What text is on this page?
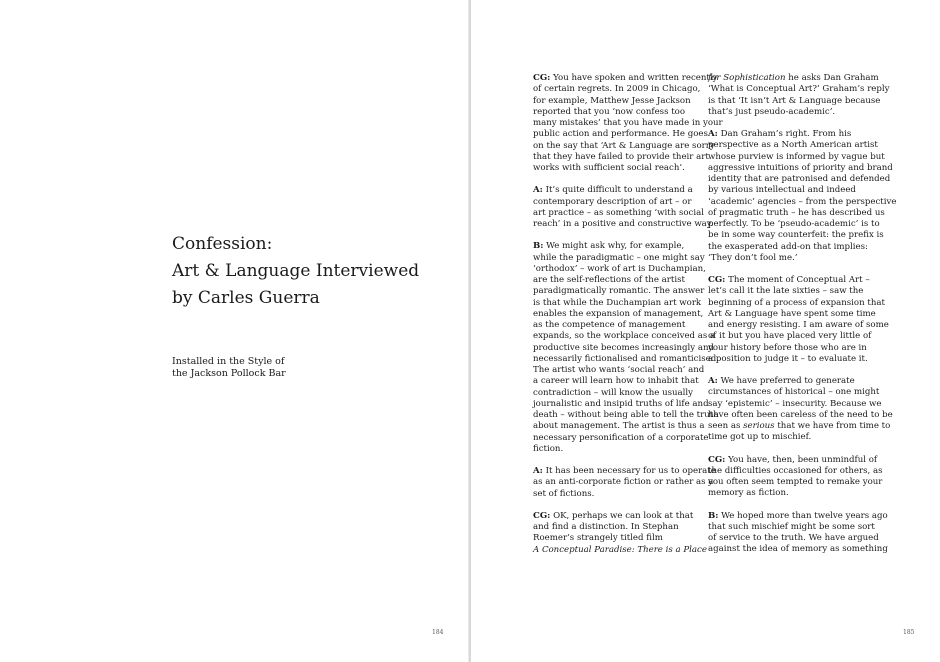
Confession:
Art & Language Interviewed
by Carles Guerra
Installed in the Style of
the Jackson Pollock Bar
184
CG: You have spoken and written recently
of certain regrets. In 2009 in Chicago,
for example, Matthew Jesse Jackson
reported that you ‘now confess too
many mistakes’ that you have made in your
public action and performance. He goes
on the say that ‘Art & Language are sorry
that they have failed to provide their art
works with sufficient social reach’.
A: It’s quite difficult to understand a
contemporary description of art – or
art practice – as something ‘with social
reach’ in a positive and constructive way.
B: We might ask why, for example,
while the paradigmatic – one might say
‘orthodox’ – work of art is Duchampian,
are the self-reflections of the artist
paradigmatically romantic. The answer
is that while the Duchampian art work
enables the expansion of management,
as the competence of management
expands, so the workplace conceived as a
productive site becomes increasingly and
necessarily fictionalised and romanticised.
The artist who wants ‘social reach’ and
a career will learn how to inhabit that
contradiction – will know the usually
journalistic and insipid truths of life and
death – without being able to tell the truth
about management. The artist is thus a
necessary personification of a corporate
fiction.
A: It has been necessary for us to operate
as an anti-corporate fiction or rather as a
set of fictions.
CG: OK, perhaps we can look at that
and find a distinction. In Stephan
Roemer’s strangely titled film
A Conceptual Paradise: There is a Place
for Sophistication he asks Dan Graham
‘What is Conceptual Art?’ Graham’s reply
is that ‘It isn’t Art & Language because
that’s just pseudo-academic’.
A: Dan Graham’s right. From his
perspective as a North American artist
whose purview is informed by vague but
aggressive intuitions of priority and brand
identity that are patronised and defended
by various intellectual and indeed
‘academic’ agencies – from the perspective
of pragmatic truth – he has described us
perfectly. To be ‘pseudo-academic’ is to
be in some way counterfeit: the prefix is
the exasperated add-on that implies:
‘They don’t fool me.’
CG: The moment of Conceptual Art –
let’s call it the late sixties – saw the
beginning of a process of expansion that
Art & Language have spent some time
and energy resisting. I am aware of some
of it but you have placed very little of
your history before those who are in
a position to judge it – to evaluate it.
A: We have preferred to generate
circumstances of historical – one might
say ‘epistemic’ – insecurity. Because we
have often been careless of the need to be
seen as serious that we have from time to
time got up to mischief.
CG: You have, then, been unmindful of
the difficulties occasioned for others, as
you often seem tempted to remake your
memory as fiction.
B: We hoped more than twelve years ago
that such mischief might be some sort
of service to the truth. We have argued
against the idea of memory as something
185
